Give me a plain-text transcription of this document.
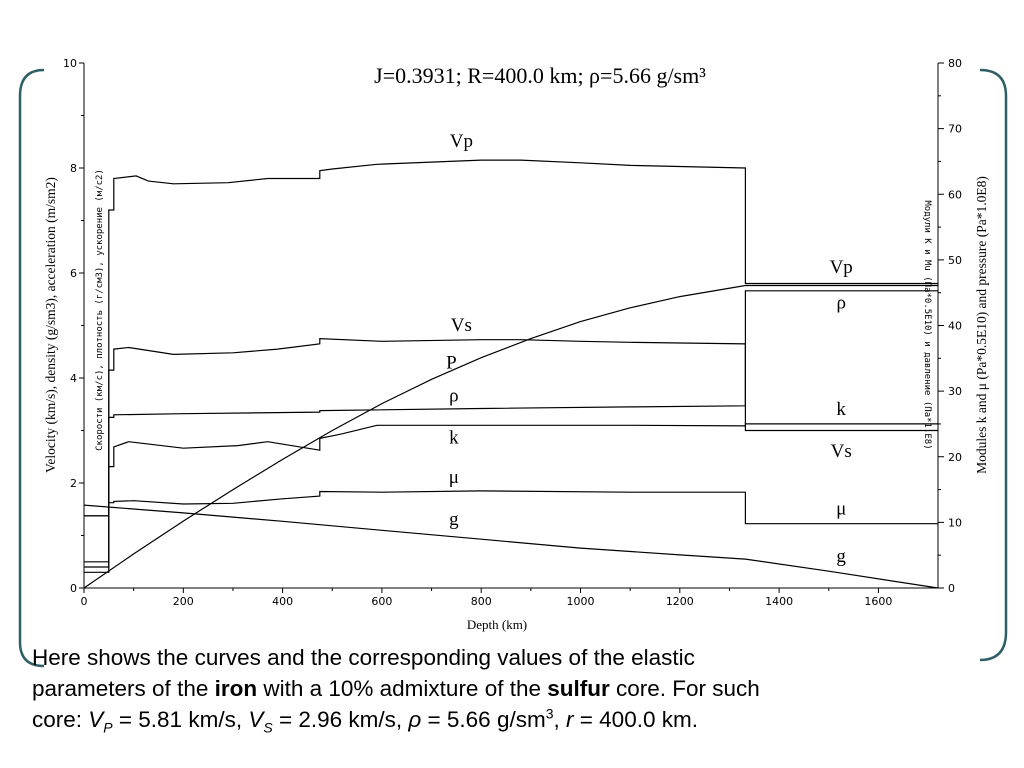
0	200	400	600	800	1000	1200	1400	1600
0
2
4
6
8
10
0
10
20
30
40
50
60
70
80
Vp
Vs
P
ρ
k
μ
g
Vp
ρ
k
Vs
μ
g
J=0.3931; R=400.0 km; ρ=5.66 g/sm³
Depth (km)
Velocity (km/s), density (g/sm3), acceleration (m/sm2)	Скорости (км/с), плотность (г/см3), ускорение (м/с2)	Modules k and μ (Pa*0.5E10) and pressure (Pa*1.0E8)
Модули K и Mu (Па*0.5E10) и давление (Па*1.E8)
Here shows the curves and the corresponding values of the elastic
parameters of the iron with a 10% admixture of the sulfur core. For such
core: $V_P = 5.81$ km/s, $V_S = 2.96$ km/s, ρ = 5.66 $g/sm^3$, r = 400.0 km.
